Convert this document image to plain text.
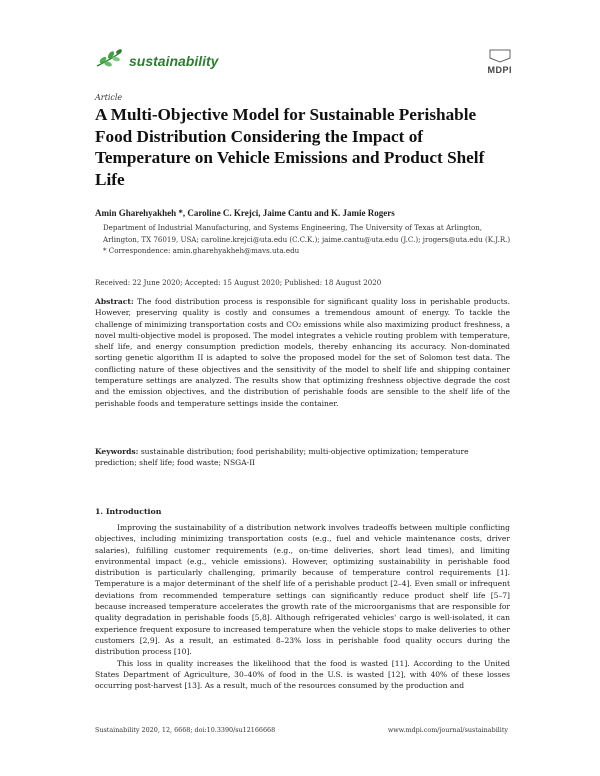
sustainability
MDPI
Article
A Multi-Objective Model for Sustainable Perishable Food Distribution Considering the Impact of Temperature on Vehicle Emissions and Product Shelf Life
Amin Gharehyakheh *, Caroline C. Krejci, Jaime Cantu and K. Jamie Rogers
Department of Industrial Manufacturing, and Systems Engineering, The University of Texas at Arlington, Arlington, TX 76019, USA; caroline.krejci@uta.edu (C.C.K.); jaime.cantu@uta.edu (J.C.); jrogers@uta.edu (K.J.R.)
* Correspondence: amin.gharehyakheh@mavs.uta.edu
Received: 22 June 2020; Accepted: 15 August 2020; Published: 18 August 2020
Abstract: The food distribution process is responsible for significant quality loss in perishable products. However, preserving quality is costly and consumes a tremendous amount of energy. To tackle the challenge of minimizing transportation costs and CO₂ emissions while also maximizing product freshness, a novel multi-objective model is proposed. The model integrates a vehicle routing problem with temperature, shelf life, and energy consumption prediction models, thereby enhancing its accuracy. Non-dominated sorting genetic algorithm II is adapted to solve the proposed model for the set of Solomon test data. The conflicting nature of these objectives and the sensitivity of the model to shelf life and shipping container temperature settings are analyzed. The results show that optimizing freshness objective degrade the cost and the emission objectives, and the distribution of perishable foods are sensible to the shelf life of the perishable foods and temperature settings inside the container.
Keywords: sustainable distribution; food perishability; multi-objective optimization; temperature prediction; shelf life; food waste; NSGA-II
1. Introduction

Improving the sustainability of a distribution network involves tradeoffs between multiple conflicting objectives, including minimizing transportation costs (e.g., fuel and vehicle maintenance costs, driver salaries), fulfilling customer requirements (e.g., on-time deliveries, short lead times), and limiting environmental impact (e.g., vehicle emissions). However, optimizing sustainability in perishable food distribution is particularly challenging, primarily because of temperature control requirements [1]. Temperature is a major determinant of the shelf life of a perishable product [2–4]. Even small or infrequent deviations from recommended temperature settings can significantly reduce product shelf life [5–7] because increased temperature accelerates the growth rate of the microorganisms that are responsible for quality degradation in perishable foods [5,8]. Although refrigerated vehicles' cargo is well-isolated, it can experience frequent exposure to increased temperature when the vehicle stops to make deliveries to other customers [2,9]. As a result, an estimated 8–23% loss in perishable food quality occurs during the distribution process [10].

This loss in quality increases the likelihood that the food is wasted [11]. According to the United States Department of Agriculture, 30–40% of food in the U.S. is wasted [12], with 40% of these losses occurring post-harvest [13]. As a result, much of the resources consumed by the production and

Sustainability 2020, 12, 6668; doi:10.3390/su12166668	www.mdpi.com/journal/sustainability
